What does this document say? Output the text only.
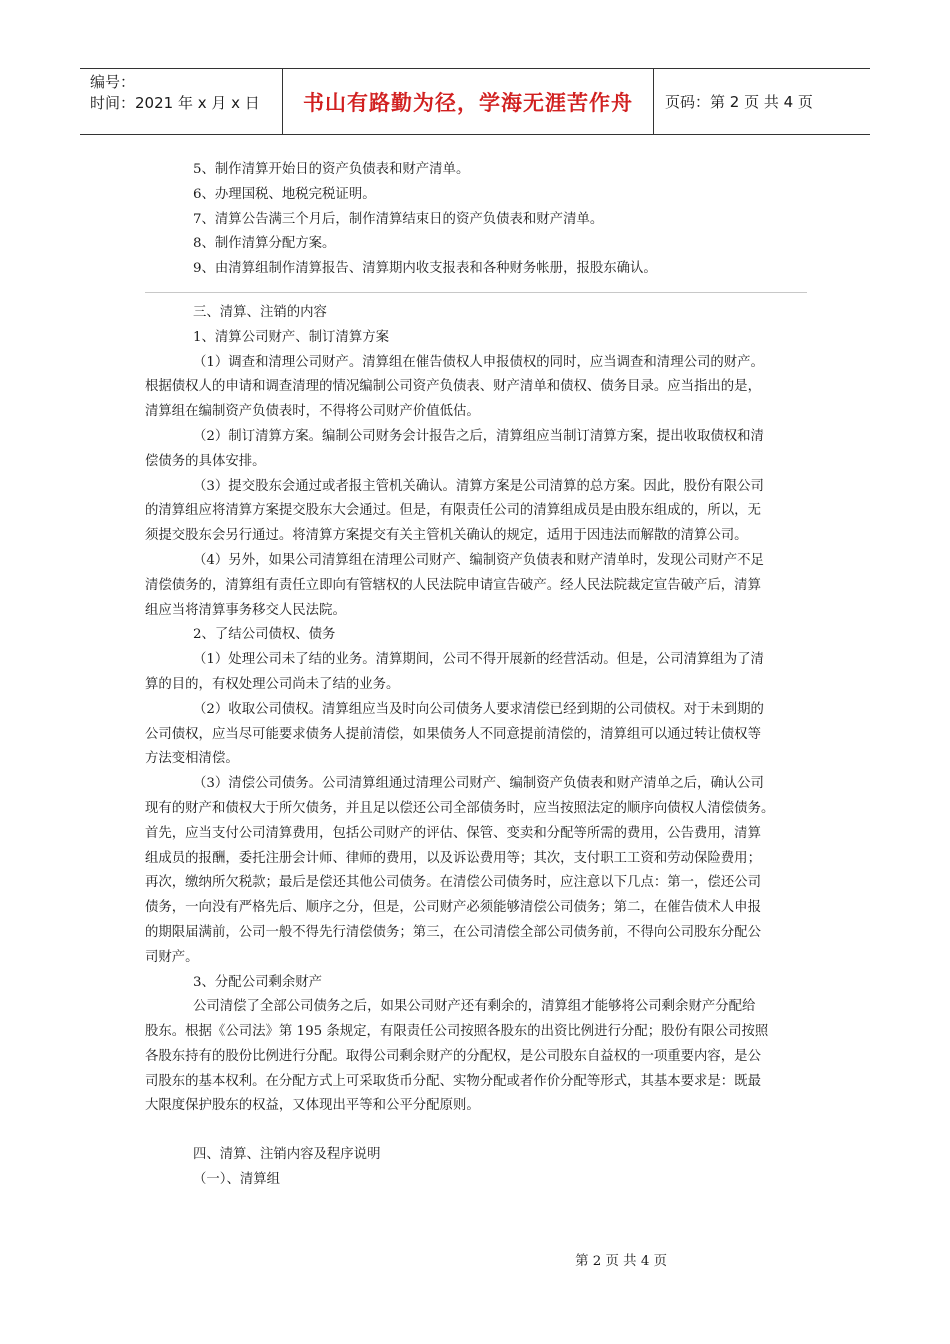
编号：
时间：2021 年 x 月 x 日	书山有路勤为径，学海无涯苦作舟 页码：第 2 页 共 4 页
5、制作清算开始日的资产负债表和财产清单。
6、办理国税、地税完税证明。
7、清算公告满三个月后，制作清算结束日的资产负债表和财产清单。
8、制作清算分配方案。
9、由清算组制作清算报告、清算期内收支报表和各种财务帐册，报股东确认。
三、清算、注销的内容
1、清算公司财产、制订清算方案
（1）调查和清理公司财产。清算组在催告债权人申报债权的同时，应当调查和清理公司的财产。
根据债权人的申请和调查清理的情况编制公司资产负债表、财产清单和债权、债务目录。应当指出的是，
清算组在编制资产负债表时，不得将公司财产价值低估。
（2）制订清算方案。编制公司财务会计报告之后，清算组应当制订清算方案，提出收取债权和清
偿债务的具体安排。
（3）提交股东会通过或者报主管机关确认。清算方案是公司清算的总方案。因此，股份有限公司
的清算组应将清算方案提交股东大会通过。但是，有限责任公司的清算组成员是由股东组成的，所以，无
须提交股东会另行通过。将清算方案提交有关主管机关确认的规定，适用于因违法而解散的清算公司。
（4）另外，如果公司清算组在清理公司财产、编制资产负债表和财产清单时，发现公司财产不足
清偿债务的，清算组有责任立即向有管辖权的人民法院申请宣告破产。经人民法院裁定宣告破产后，清算
组应当将清算事务移交人民法院。
2、了结公司债权、债务
（1）处理公司未了结的业务。清算期间，公司不得开展新的经营活动。但是，公司清算组为了清
算的目的，有权处理公司尚未了结的业务。
（2）收取公司债权。清算组应当及时向公司债务人要求清偿已经到期的公司债权。对于未到期的
公司债权，应当尽可能要求债务人提前清偿，如果债务人不同意提前清偿的，清算组可以通过转让债权等
方法变相清偿。
（3）清偿公司债务。公司清算组通过清理公司财产、编制资产负债表和财产清单之后，确认公司
现有的财产和债权大于所欠债务，并且足以偿还公司全部债务时，应当按照法定的顺序向债权人清偿债务。
首先，应当支付公司清算费用，包括公司财产的评估、保管、变卖和分配等所需的费用，公告费用，清算
组成员的报酬，委托注册会计师、律师的费用，以及诉讼费用等；其次，支付职工工资和劳动保险费用；
再次，缴纳所欠税款；最后是偿还其他公司债务。在清偿公司债务时，应注意以下几点：第一，偿还公司
债务，一向没有严格先后、顺序之分，但是，公司财产必须能够清偿公司债务；第二，在催告债术人申报
的期限届满前，公司一般不得先行清偿债务；第三，在公司清偿全部公司债务前，不得向公司股东分配公
司财产。
3、分配公司剩余财产
公司清偿了全部公司债务之后，如果公司财产还有剩余的，清算组才能够将公司剩余财产分配给
股东。根据《公司法》第 195 条规定，有限责任公司按照各股东的出资比例进行分配；股份有限公司按照
各股东持有的股份比例进行分配。取得公司剩余财产的分配权，是公司股东自益权的一项重要内容，是公
司股东的基本权利。在分配方式上可采取货币分配、实物分配或者作价分配等形式，其基本要求是：既最
大限度保护股东的权益，又体现出平等和公平分配原则。
四、清算、注销内容及程序说明
（一）、清算组
第 2 页 共 4 页
